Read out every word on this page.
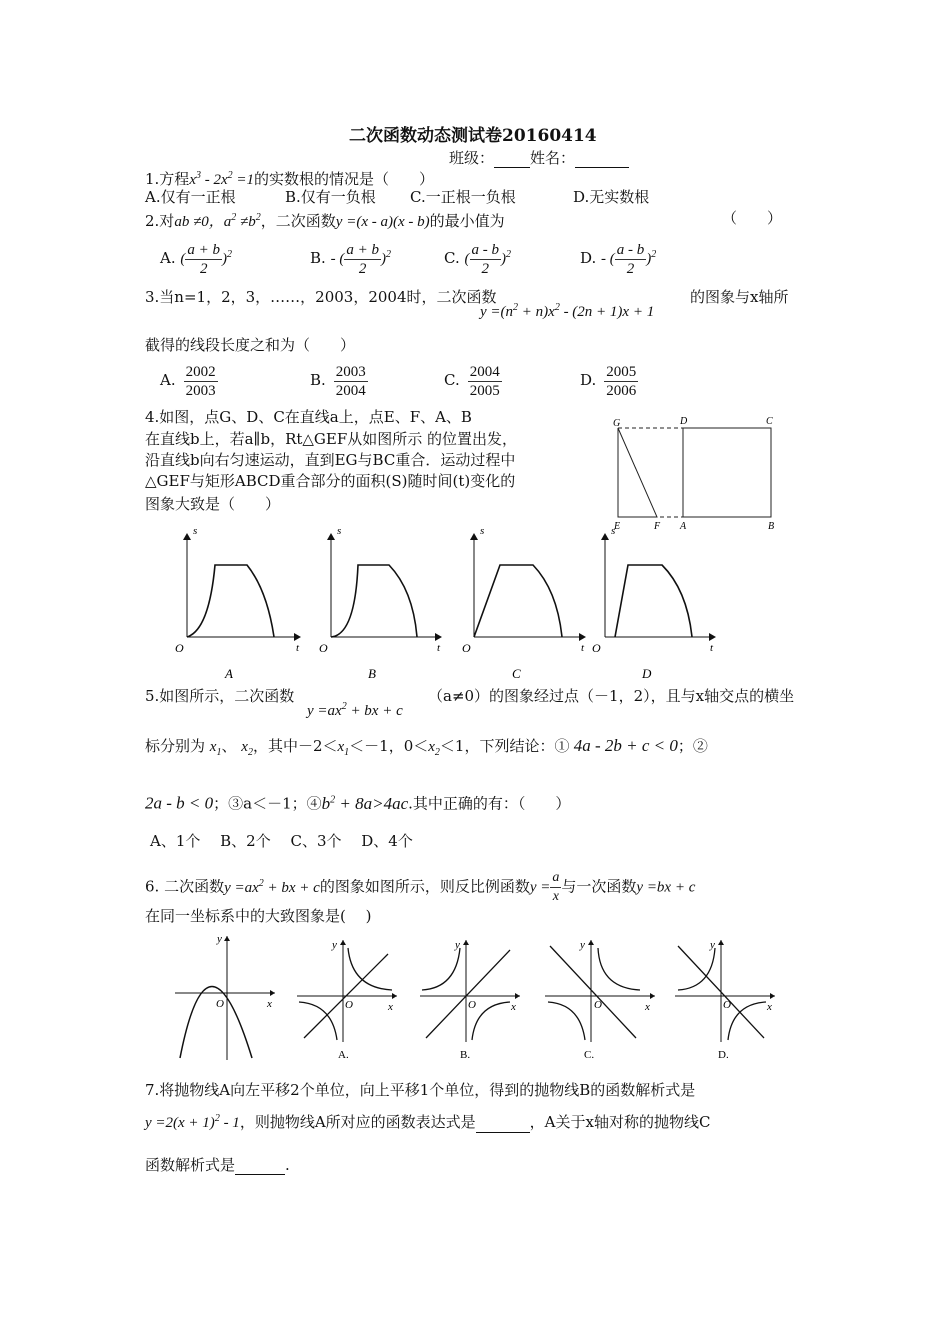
二次函数动态测试卷20160414
班级： 姓名：
1.方程$x^3 - 2x^2 =1$的实数根的情况是（　　）
A.仅有一正根	B.仅有一负根 C.一正根一负根	D.无实数根
2.对ab ≠0，$a^2 \ne b^2$，二次函数y =(x - a)(x - b)的最小值为	（　　）
A. ( $\frac{a + b}{2} )^2$	B. - ( $\frac{a + b}{2} )^2$	C. ( $\frac{a - b}{2} )^2$	D. - ( $\frac{a - b}{2} )^2$
3.当n=1，2，3，……，2003，2004时，二次函数
$y =(n^2 + n)x^2 - (2n + 1)x + 1$
的图象与x轴所
截得的线段长度之和为（　　）
A. $\frac{2002}{2003}$	B. $\frac{2003}{2004}$	C. $\frac{2004}{2005}$	D. $\frac{2005}{2006}$
4.如图，点G、D、C在直线a上，点E、F、A、B
在直线b上，若a∥b，Rt△GEF从如图所示 的位置出发，
沿直线b向右匀速运动，直到EG与BC重合．运动过程中
△GEF与矩形ABCD重合部分的面积(S)随时间(t)变化的
图象大致是（　　）
G	D	C
E	F A	B
s
t
O
A
s
t
O
B
s
t
O
C
s
t
O
D
5.如图所示，二次函数
$y =ax^2$ + bx + c
（a≠0）的图象经过点（－1，2），且与x轴交点的横坐
标分别为 $x_1$、 $x_2$，其中$-2<x_1<-1$，$0<x_2<1$，下列结论：① 4a - 2b + c < 0；②
2a - b < 0；③a＜－1；$④b^2 + 8a>4ac$.其中正确的有：（　　）
A、1个　 B、2个　 C、3个　 D、4个
6. 二次函数$y =ax^2$ + bx + c的图象如图所示，则反比例函数$y = \frac{a}{x}$ 与一次函数y =bx + c
在同一坐标系中的大致图象是(　 )
y
x
O
y
x
O
A.
y
x
O
B.
y
x
O
C.
y
x
O
D.
7.将抛物线A向左平移2个单位，向上平移1个单位，得到的抛物线B的函数解析式是
$y =2(x + 1)^2 - 1$，则抛物线A所对应的函数表达式是	，A关于x轴对称的抛物线C
函数解析式是	.
